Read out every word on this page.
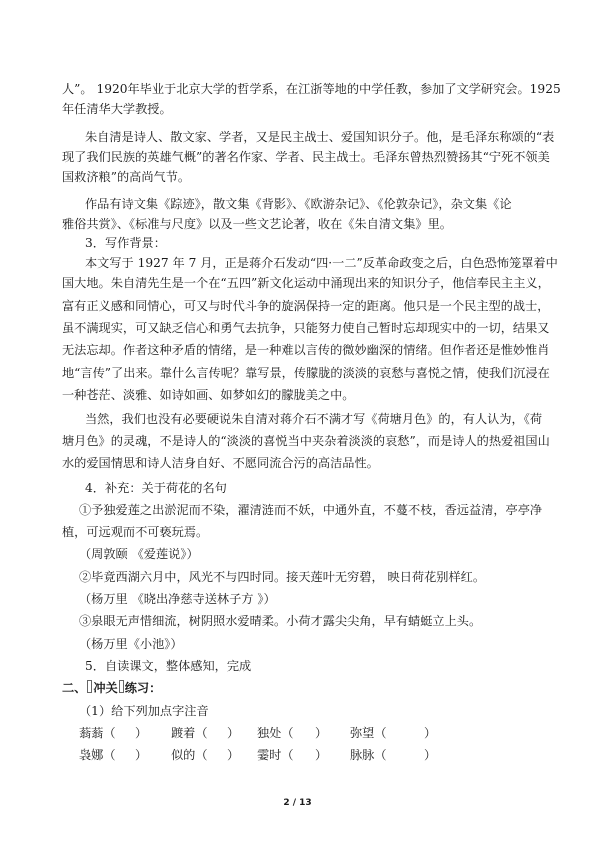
人”。 1920年毕业于北京大学的哲学系，在江浙等地的中学任教，参加了文学研究会。1925
年任清华大学教授。
朱自清是诗人、散文家、学者，又是民主战士、爱国知识分子。他，是毛泽东称颂的“表
现了我们民族的英雄气概”的著名作家、学者、民主战士。毛泽东曾热烈赞扬其“宁死不领美
国救济粮”的高尚气节。
作品有诗文集《踪迹》，散文集《背影》、《欧游杂记》、《伦敦杂记》，杂文集《论
雅俗共赏》、《标准与尺度》以及一些文艺论著，收在《朱自清文集》里。
3．写作背景：
本文写于 1927 年 7 月，正是蒋介石发动“四·一二”反革命政变之后，白色恐怖笼罩着中
国大地。朱自清先生是一个在“五四”新文化运动中涌现出来的知识分子，他信奉民主主义，
富有正义感和同情心，可又与时代斗争的旋涡保持一定的距离。他只是一个民主型的战士，
虽不满现实，可又缺乏信心和勇气去抗争，只能努力使自己暂时忘却现实中的一切，结果又
无法忘却。作者这种矛盾的情绪，是一种难以言传的微妙幽深的情绪。但作者还是惟妙惟肖
地“言传”了出来。靠什么言传呢？靠写景，传朦胧的淡淡的哀愁与喜悦之情，使我们沉浸在
一种苍茫、淡雅、如诗如画、如梦如幻的朦胧美之中。
当然，我们也没有必要硬说朱自清对蒋介石不满才写《荷塘月色》的，有人认为，《荷
塘月色》的灵魂，不是诗人的“淡淡的喜悦当中夹杂着淡淡的哀愁”，而是诗人的热爱祖国山
水的爱国情思和诗人洁身自好、不愿同流合污的高洁品性。
4．补充：关于荷花的名句
①予独爱莲之出淤泥而不染，濯清涟而不妖，中通外直，不蔓不枝，香远益清，亭亭净
植，可远观而不可亵玩焉。
（周敦颐 《爱莲说》）
②毕竟西湖六月中，风光不与四时同。接天莲叶无穷碧， 映日荷花别样红。
（杨万里 《晓出净慈寺送林子方 》）
③泉眼无声惜细流，树阴照水爱晴柔。小荷才露尖尖角，早有蜻蜓立上头。
（杨万里《小池》）
5．自读课文，整体感知，完成
二、 冲关 练习：
（1）给下列加点字注音
蓊蓊（ ） 踱着（ ） 独处（ ） 弥望（	）
袅娜（ ） 似的（ ） 霎时（ ） 脉脉（	）
2 / 13
